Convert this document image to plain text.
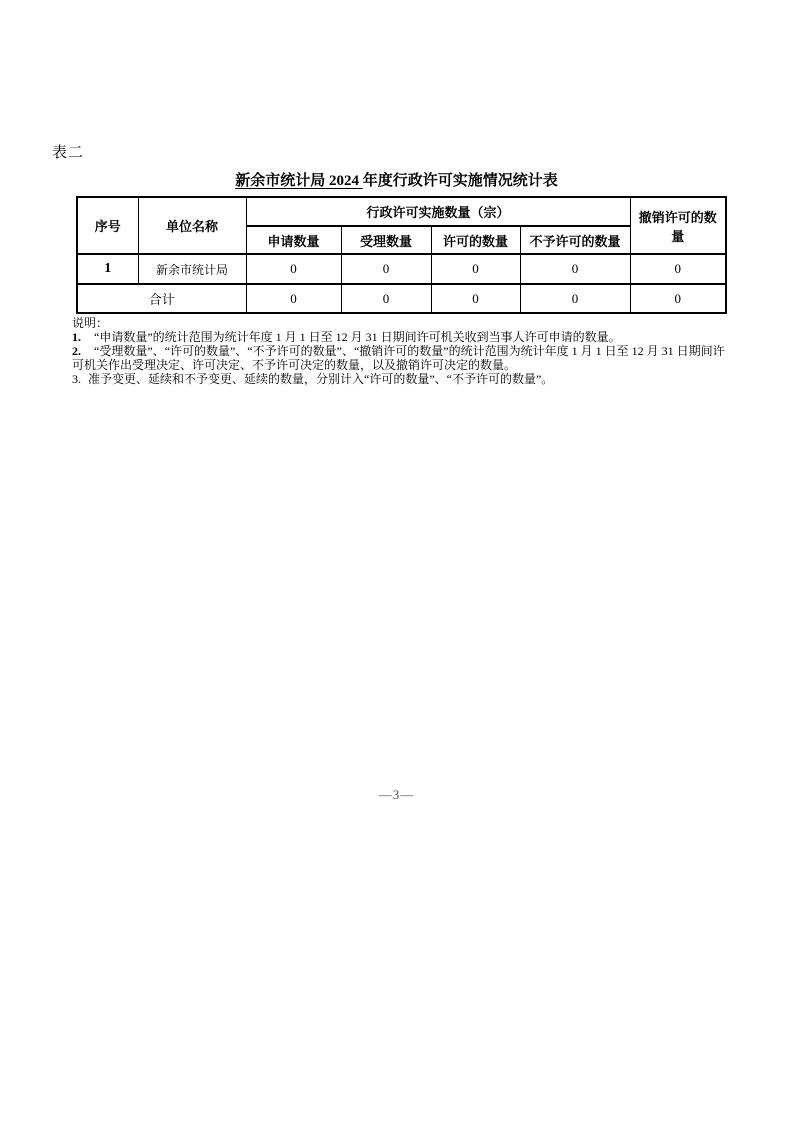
表二
新余市统计局 2024 年度行政许可实施情况统计表
序号	单位名称	行政许可实施数量（宗）				撤销许可的数量
		申请数量	受理数量	许可的数量	不予许可的数量	
1	新余市统计局	0	0	0	0	0
合计		0	0	0	0	0

说明：

1. “申请数量”的统计范围为统计年度 1 月 1 日至 12 月 31 日期间许可机关收到当事人许可申请的数量。

2. “受理数量”、“许可的数量”、“不予许可的数量”、“撤销许可的数量”的统计范围为统计年度 1 月 1 日至 12 月 31 日期间许可机关作出受理决定、许可决定、不予许可决定的数量，以及撤销许可决定的数量。

3. 准予变更、延续和不予变更、延续的数量，分别计入“许可的数量”、“不予许可的数量”。

—3—
